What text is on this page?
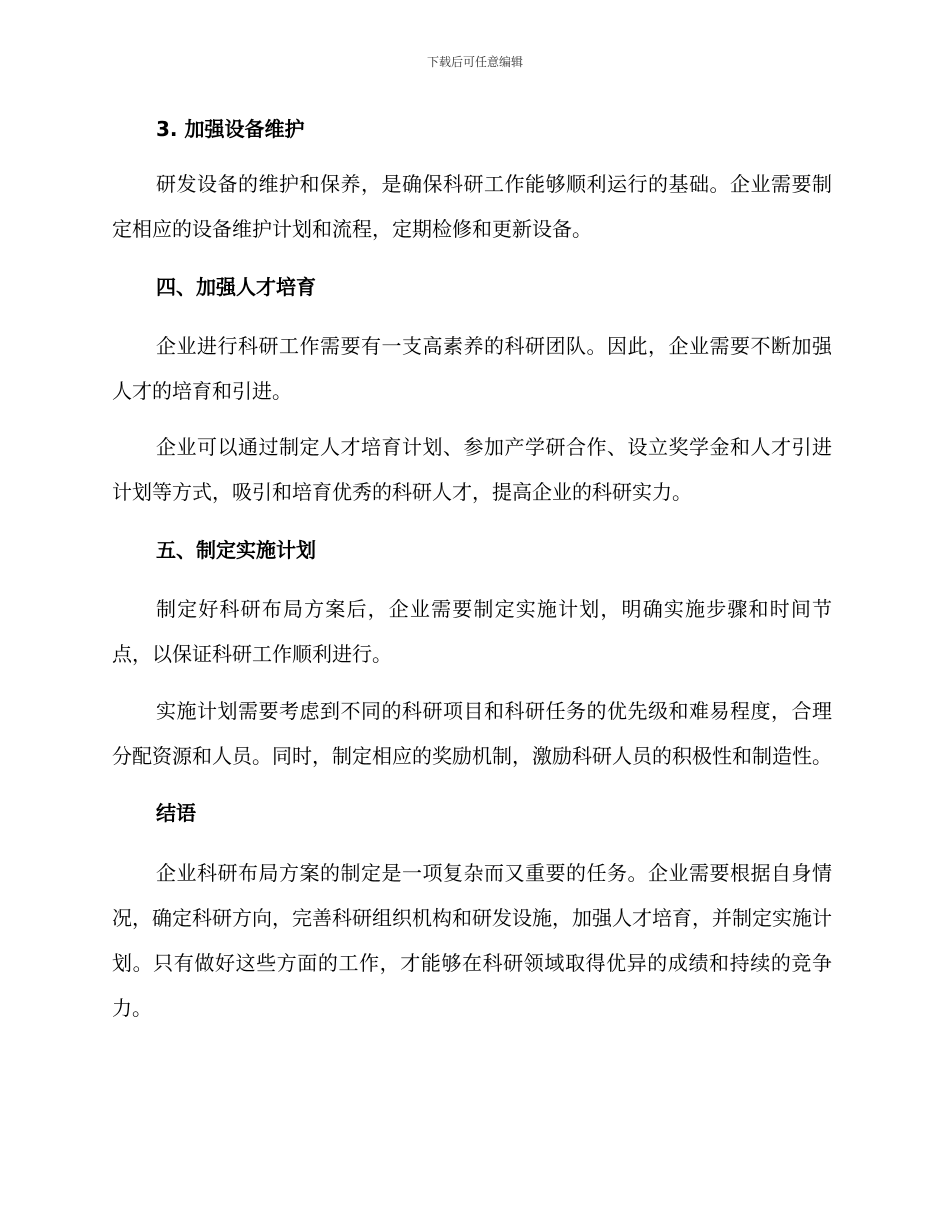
下载后可任意编辑
3. 加强设备维护

研发设备的维护和保养，是确保科研工作能够顺利运行的基础。企业需要制定相应的设备维护计划和流程，定期检修和更新设备。

四、加强人才培育

企业进行科研工作需要有一支高素养的科研团队。因此，企业需要不断加强人才的培育和引进。

企业可以通过制定人才培育计划、参加产学研合作、设立奖学金和人才引进计划等方式，吸引和培育优秀的科研人才，提高企业的科研实力。

五、制定实施计划

制定好科研布局方案后，企业需要制定实施计划，明确实施步骤和时间节点，以保证科研工作顺利进行。

实施计划需要考虑到不同的科研项目和科研任务的优先级和难易程度，合理分配资源和人员。同时，制定相应的奖励机制，激励科研人员的积极性和制造性。

结语

企业科研布局方案的制定是一项复杂而又重要的任务。企业需要根据自身情况，确定科研方向，完善科研组织机构和研发设施，加强人才培育，并制定实施计划。只有做好这些方面的工作，才能够在科研领域取得优异的成绩和持续的竞争力。
